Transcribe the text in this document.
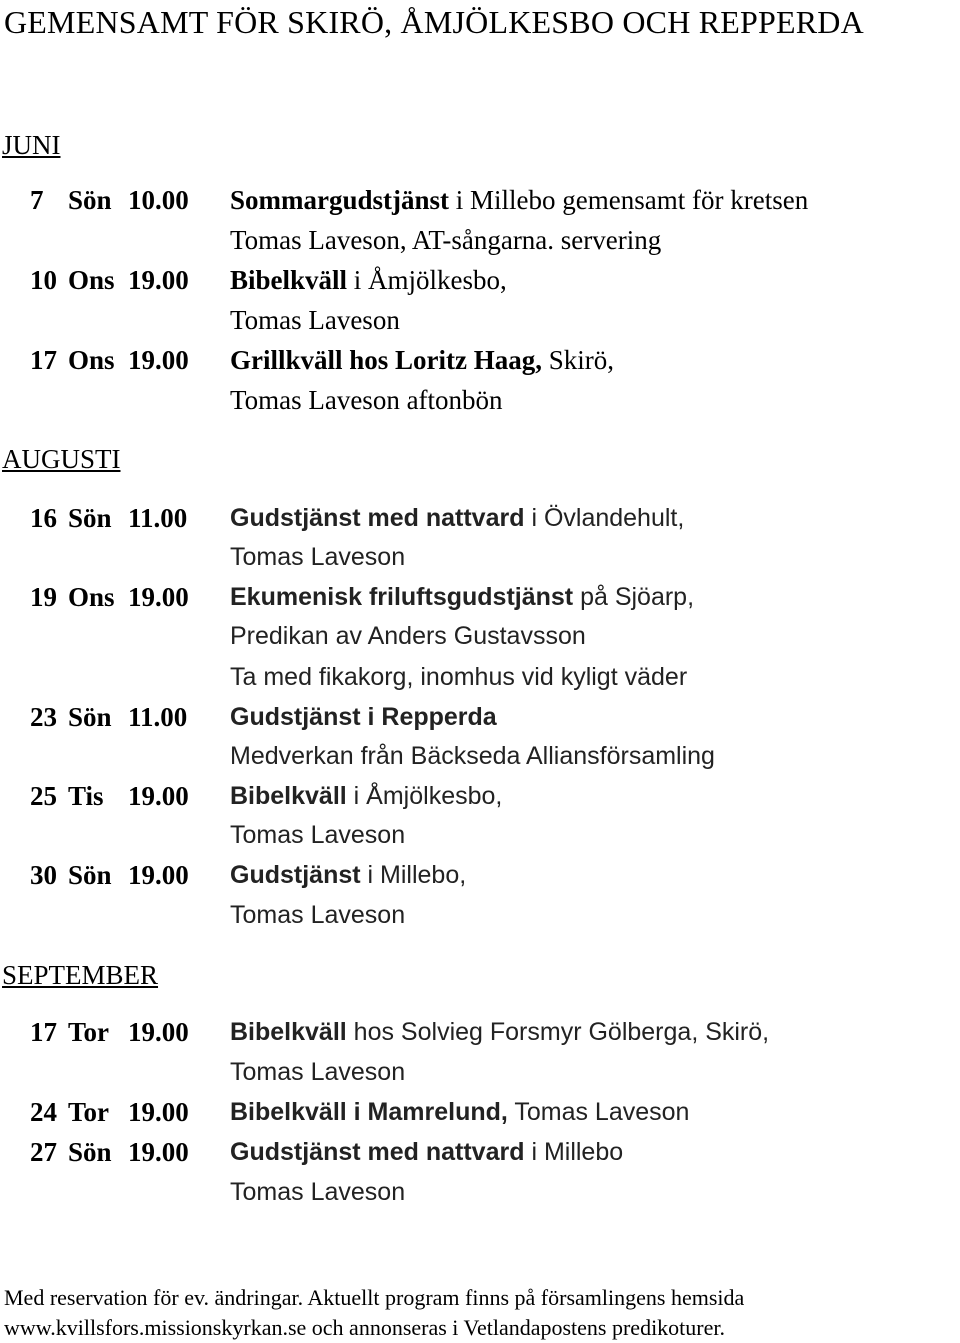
GEMENSAMT FÖR SKIRÖ, ÅMJÖLKESBO OCH REPPERDA
JUNI
7 Sön 10.00 Sommargudstjänst i Millebo gemensamt för kretsen
Tomas Laveson, AT-sångarna. servering
10 Ons 19.00 Bibelkväll i Åmjölkesbo,
Tomas Laveson
17 Ons 19.00 Grillkväll hos Loritz Haag, Skirö,
Tomas Laveson aftonbön
AUGUSTI
16 Sön 11.00 Gudstjänst med nattvard i Övlandehult,
Tomas Laveson
19 Ons 19.00 Ekumenisk friluftsgudstjänst på Sjöarp,
Predikan av Anders Gustavsson
Ta med fikakorg, inomhus vid kyligt väder
23 Sön 11.00 Gudstjänst i Repperda
Medverkan från Bäckseda Alliansförsamling
25 Tis 19.00 Bibelkväll i Åmjölkesbo,
Tomas Laveson
30 Sön 19.00 Gudstjänst i Millebo,
Tomas Laveson
SEPTEMBER
17 Tor 19.00 Bibelkväll hos Solvieg Forsmyr Gölberga, Skirö,
Tomas Laveson
24 Tor 19.00 Bibelkväll i Mamrelund, Tomas Laveson
27 Sön 19.00 Gudstjänst med nattvard i Millebo
Tomas Laveson
Med reservation för ev. ändringar. Aktuellt program finns på församlingens hemsida
www.kvillsfors.missionskyrkan.se och annonseras i Vetlandapostens predikoturer.
